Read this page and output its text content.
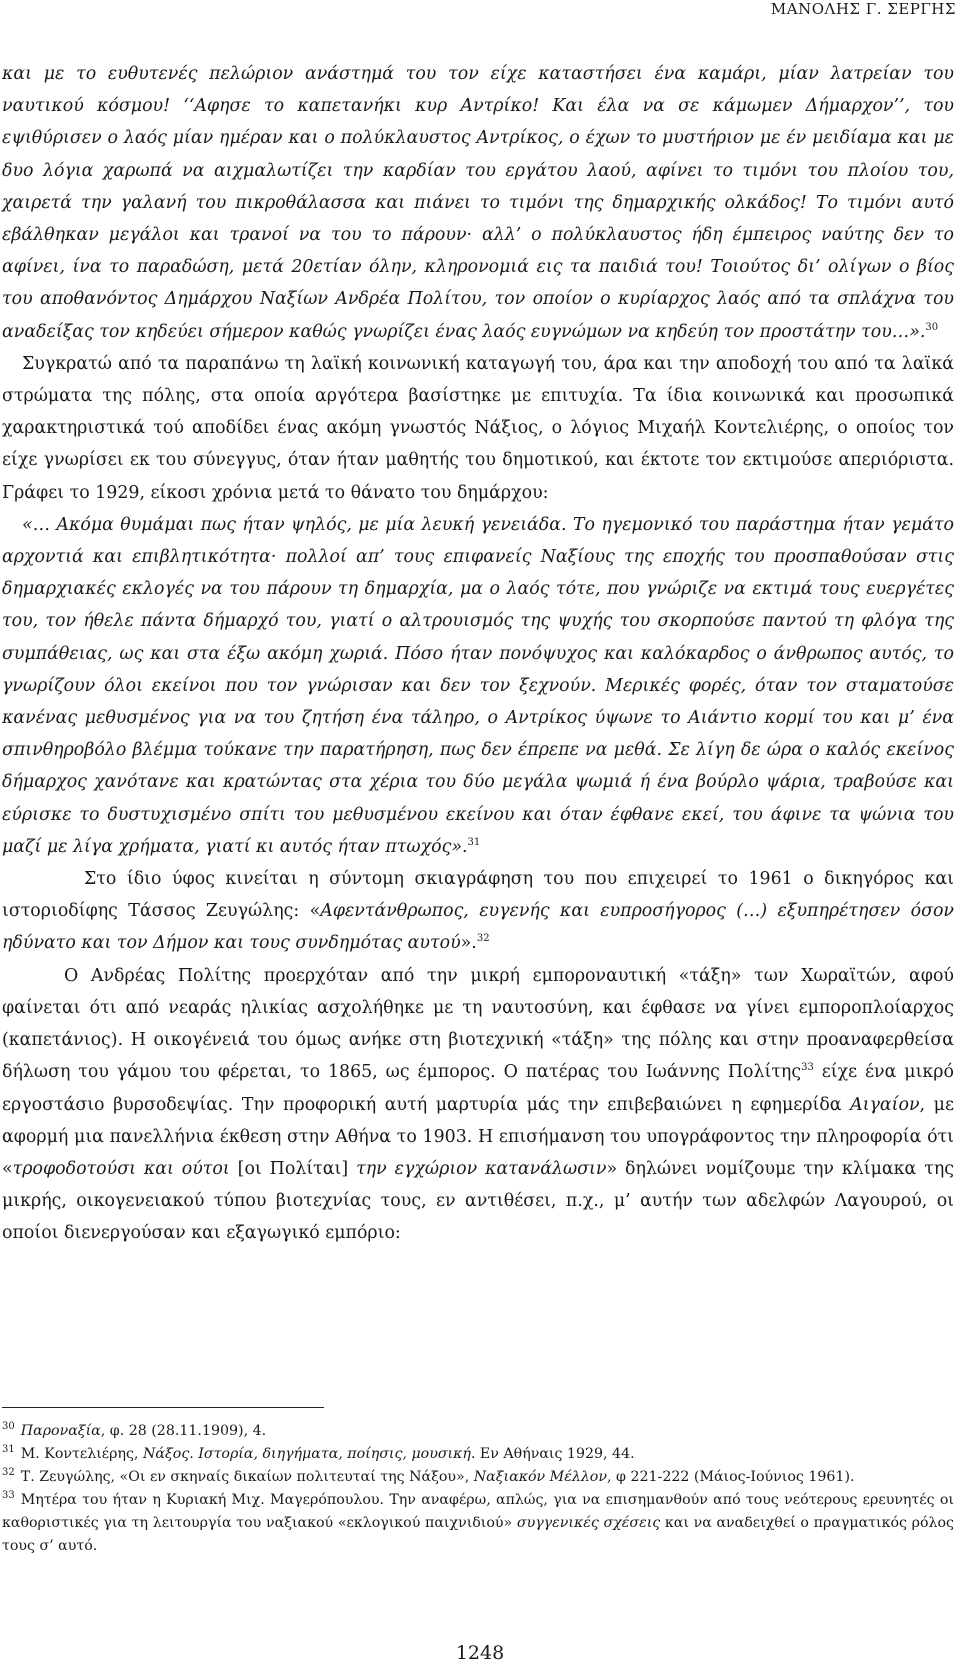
ΜΑΝΟΛΗΣ Γ. ΣΕΡΓΗΣ

και με το ευθυτενές πελώριον ανάστημά του τον είχε καταστήσει ένα καμάρι, μίαν λατρείαν του ναυτικού κόσμου! ‘‘Αφησε το καπετανήκι κυρ Αντρίκο! Και έλα να σε κάμωμεν Δήμαρχον’’, του εψιθύρισεν ο λαός μίαν ημέραν και ο πολύκλαυστος Αντρίκος, ο έχων το μυστήριον με έν μειδίαμα και με δυο λόγια χαρωπά να αιχμαλωτίζει την καρδίαν του εργάτου λαού, αφίνει το τιμόνι του πλοίου του, χαιρετά την γαλανή του πικροθάλασσα και πιάνει το τιμόνι της δημαρχικής ολκάδος! Το τιμόνι αυτό εβάλθηκαν μεγάλοι και τρανοί να του το πάρουν· αλλ’ ο πολύκλαυστος ήδη έμπειρος ναύτης δεν το αφίνει, ίνα το παραδώση, μετά 20ετίαν όλην, κληρονομιά εις τα παιδιά του! Τοιούτος δι’ ολίγων ο βίος του αποθανόντος Δημάρχου Ναξίων Ανδρέα Πολίτου, τον οποίον ο κυρίαρχος λαός από τα σπλάχνα του αναδείξας τον κηδεύει σήμερον καθώς γνωρίζει ένας λαός ευγνώμων να κηδεύη τον προστάτην του…».$^{30}$

Συγκρατώ από τα παραπάνω τη λαϊκή κοινωνική καταγωγή του, άρα και την αποδοχή του από τα λαϊκά στρώματα της πόλης, στα οποία αργότερα βασίστηκε με επιτυχία. Τα ίδια κοινωνικά και προσωπικά χαρακτηριστικά τού αποδίδει ένας ακόμη γνωστός Νάξιος, ο λόγιος Μιχαήλ Κοντελιέρης, ο οποίος τον είχε γνωρίσει εκ του σύνεγγυς, όταν ήταν μαθητής του δημοτικού, και έκτοτε τον εκτιμούσε απεριόριστα. Γράφει το 1929, είκοσι χρόνια μετά το θάνατο του δημάρχου:

«… Ακόμα θυμάμαι πως ήταν ψηλός, με μία λευκή γενειάδα. Το ηγεμονικό του παράστημα ήταν γεμάτο αρχοντιά και επιβλητικότητα· πολλοί απ’ τους επιφανείς Ναξίους της εποχής του προσπαθούσαν στις δημαρχιακές εκλογές να του πάρουν τη δημαρχία, μα ο λαός τότε, που γνώριζε να εκτιμά τους ευεργέτες του, τον ήθελε πάντα δήμαρχό του, γιατί ο αλτρουισμός της ψυχής του σκορπούσε παντού τη φλόγα της συμπάθειας, ως και στα έξω ακόμη χωριά. Πόσο ήταν πονόψυχος και καλόκαρδος ο άνθρωπος αυτός, το γνωρίζουν όλοι εκείνοι που τον γνώρισαν και δεν τον ξεχνούν. Μερικές φορές, όταν τον σταματούσε κανένας μεθυσμένος για να του ζητήση ένα τάληρο, ο Αντρίκος ύψωνε το Αιάντιο κορμί του και μ’ ένα σπινθηροβόλο βλέμμα τούκανε την παρατήρηση, πως δεν έπρεπε να μεθά. Σε λίγη δε ώρα ο καλός εκείνος δήμαρχος χανότανε και κρατώντας στα χέρια του δύο μεγάλα ψωμιά ή ένα βούρλο ψάρια, τραβούσε και εύρισκε το δυστυχισμένο σπίτι του μεθυσμένου εκείνου και όταν έφθανε εκεί, του άφινε τα ψώνια του μαζί με λίγα χρήματα, γιατί κι αυτός ήταν πτωχός».$^{31}$

Στο ίδιο ύφος κινείται η σύντομη σκιαγράφηση του που επιχειρεί το 1961 ο δικηγόρος και ιστοριοδίφης Τάσσος Ζευγώλης: «Αφεντάνθρωπος, ευγενής και ευπροσήγορος (…) εξυπηρέτησεν όσον ηδύνατο και τον Δήμον και τους συνδημότας αυτού».$^{32}$

Ο Ανδρέας Πολίτης προερχόταν από την μικρή εμποροναυτική «τάξη» των Χωραϊτών, αφού φαίνεται ότι από νεαράς ηλικίας ασχολήθηκε με τη ναυτοσύνη, και έφθασε να γίνει εμποροπλοίαρχος (καπετάνιος). Η οικογένειά του όμως ανήκε στη βιοτεχνική «τάξη» της πόλης και στην προαναφερθείσα δήλωση του γάμου του φέρεται, το 1865, ως έμπορος. Ο πατέρας του Ιωάννης Πολίτης$^{33}$ είχε ένα μικρό εργοστάσιο βυρσοδεψίας. Την προφορική αυτή μαρτυρία μάς την επιβεβαιώνει η εφημερίδα Αιγαίον, με αφορμή μια πανελλήνια έκθεση στην Αθήνα το 1903. Η επισήμανση του υπογράφοντος την πληροφορία ότι «τροφοδοτούσι και ούτοι [οι Πολίται] την εγχώριον κατανάλωσιν» δηλώνει νομίζουμε την κλίμακα της μικρής, οικογενειακού τύπου βιοτεχνίας τους, εν αντιθέσει, π.χ., μ’ αυτήν των αδελφών Λαγουρού, οι οποίοι διενεργούσαν και εξαγωγικό εμπόριο:

$^{30}$ Παροναξία, φ. 28 (28.11.1909), 4.

$^{31}$ Μ. Κοντελιέρης, Νάξος. Ιστορία, διηγήματα, ποίησις, μουσική. Εν Αθήναις 1929, 44.

$^{32}$ Τ. Ζευγώλης, «Οι εν σκηναίς δικαίων πολιτευταί της Νάξου», Ναξιακόν Μέλλον, φ 221-222 (Μάιος-Ιούνιος 1961).

$^{33}$ Μητέρα του ήταν η Κυριακή Μιχ. Μαγερόπουλου. Την αναφέρω, απλώς, για να επισημανθούν από τους νεότερους ερευνητές οι καθοριστικές για τη λειτουργία του ναξιακού «εκλογικού παιχνιδιού» συγγενικές σχέσεις και να αναδειχθεί ο πραγματικός ρόλος τους σ’ αυτό.

1248
